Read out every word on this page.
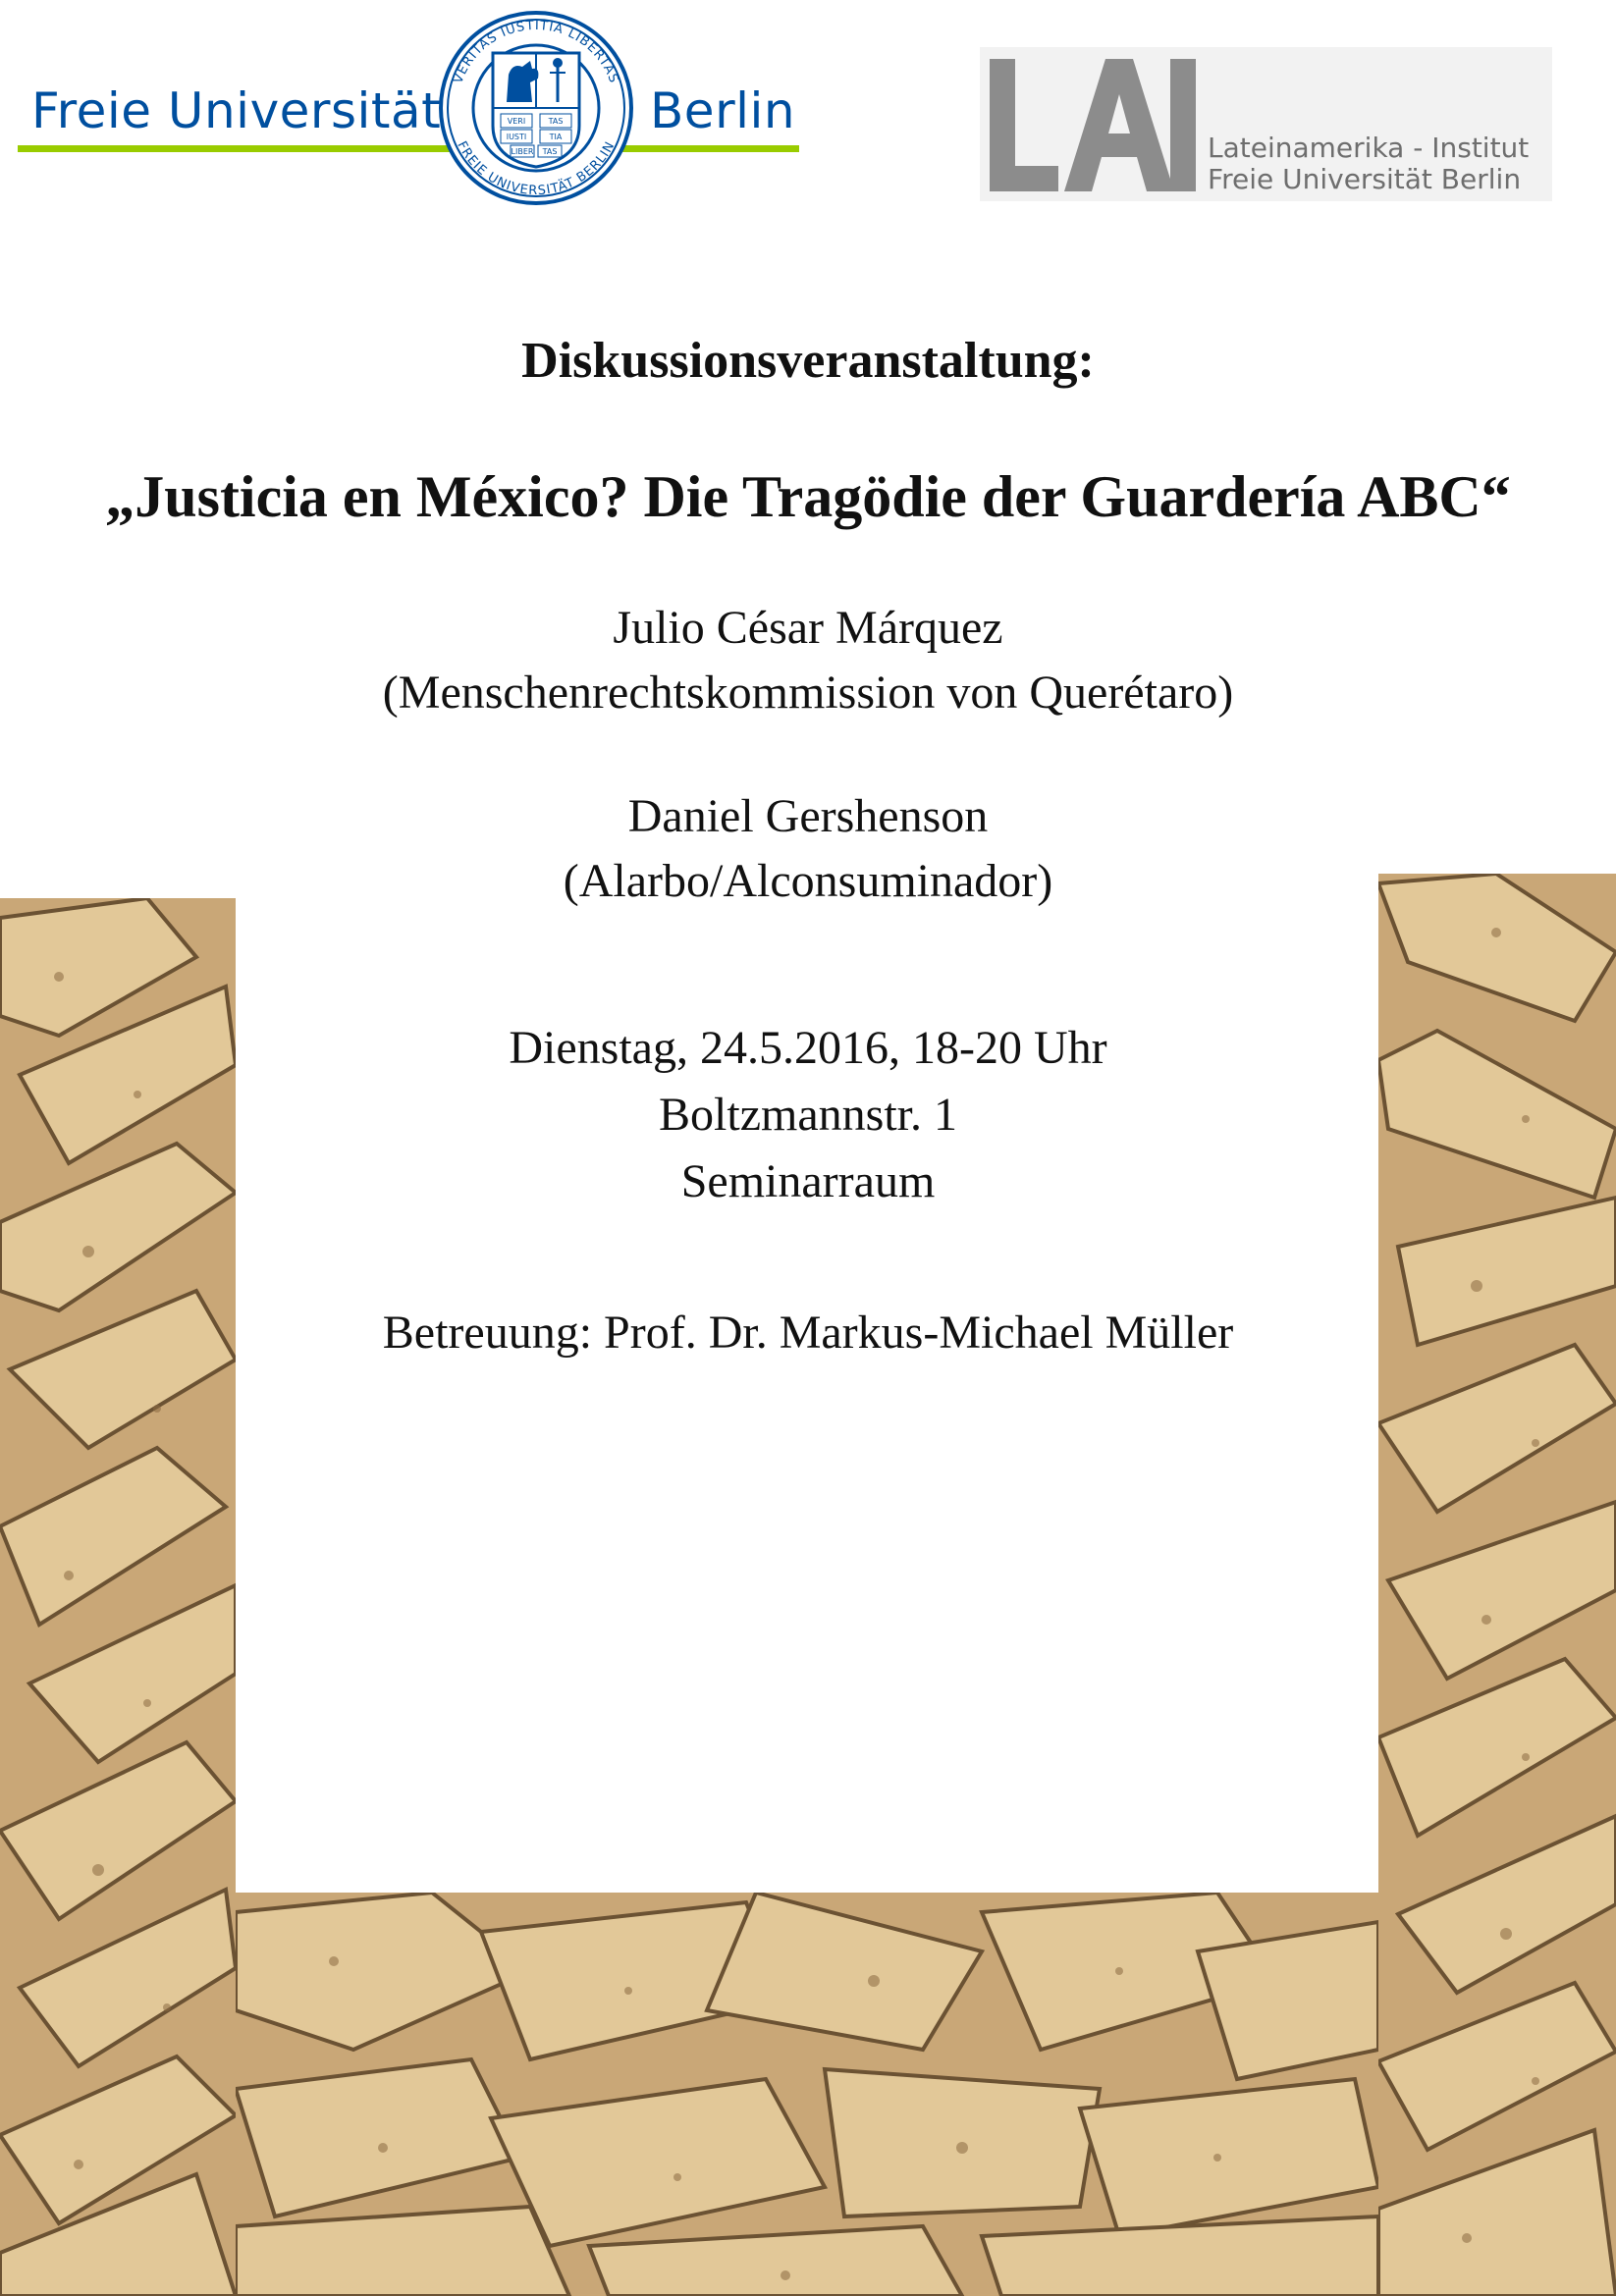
Freie Universität	Berlin
VERITAS IUSTITIA LIBERTAS
FREIE UNIVERSITÄT BERLIN
VERI	TAS
IUSTI	TIA
LIBER TAS	Lateinamerika - Institut
Freie Universität Berlin
Diskussionsveranstaltung:
„Justicia en México? Die Tragödie der Guardería ABC“
Julio César Márquez
(Menschenrechtskommission von Querétaro)
Daniel Gershenson
(Alarbo/Alconsuminador)
Dienstag, 24.5.2016, 18-20 Uhr
Boltzmannstr. 1
Seminarraum
Betreuung: Prof. Dr. Markus-Michael Müller
